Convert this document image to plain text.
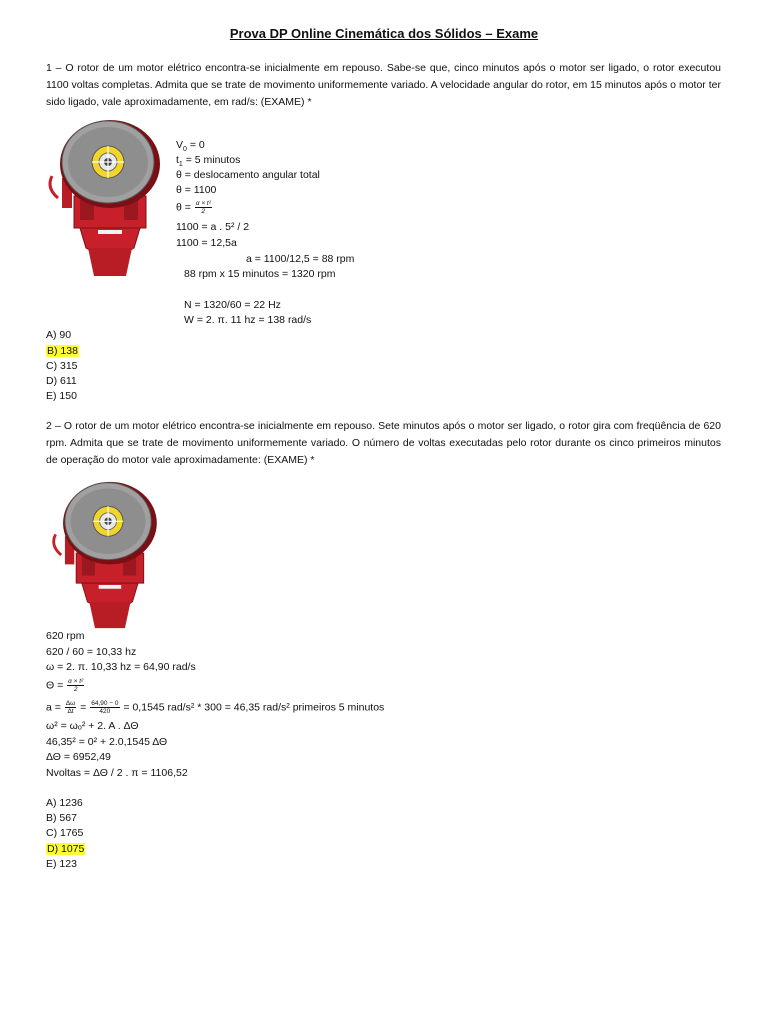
Prova DP Online Cinemática dos Sólidos – Exame
1 – O rotor de um motor elétrico encontra-se inicialmente em repouso. Sabe-se que, cinco minutos após o motor ser ligado, o rotor executou 1100 voltas completas. Admita que se trate de movimento uniformemente variado. A velocidade angular do rotor, em 15 minutos após o motor ter sido ligado, vale aproximadamente, em rad/s: (EXAME) *
$V_0 = 0$
$t_1 = 5$ minutos
θ = deslocamento angular total
θ = 1100
$\theta = \frac{\text{α × t²}}{2}$
1100 = a . 5² / 2
1100 = 12,5a
a = 1100/12,5 = 88 rpm
88 rpm x 15 minutos = 1320 rpm
N = 1320/60 = 22 Hz
W = 2. π. 11 hz = 138 rad/s
A) 90
B) 138
C) 315
D) 611
E) 150
2 – O rotor de um motor elétrico encontra-se inicialmente em repouso. Sete minutos após o motor ser ligado, o rotor gira com freqüência de 620 rpm. Admita que se trate de movimento uniformemente variado. O número de voltas executadas pelo rotor durante os cinco primeiros minutos de operação do motor vale aproximadamente: (EXAME) *
620 rpm
620 / 60 = 10,33 hz
ω = 2. π. 10,33 hz = 64,90 rad/s
$\Theta = \frac{\text{α × t²}}{2}$
$a = \frac{\Delta\omega}{\Delta t} = \frac{64,90 - 0}{420} = 0,1545$ rad/s² * 300 = 46,35 rad/s² primeiros 5 minutos
ω² = ωₒ² + 2. A . ΔΘ
46,35² = 0² + 2.0,1545 ΔΘ
ΔΘ = 6952,49
Nvoltas = ΔΘ / 2 . π = 1106,52
A) 1236
B) 567
C) 1765
D) 1075
E) 123
